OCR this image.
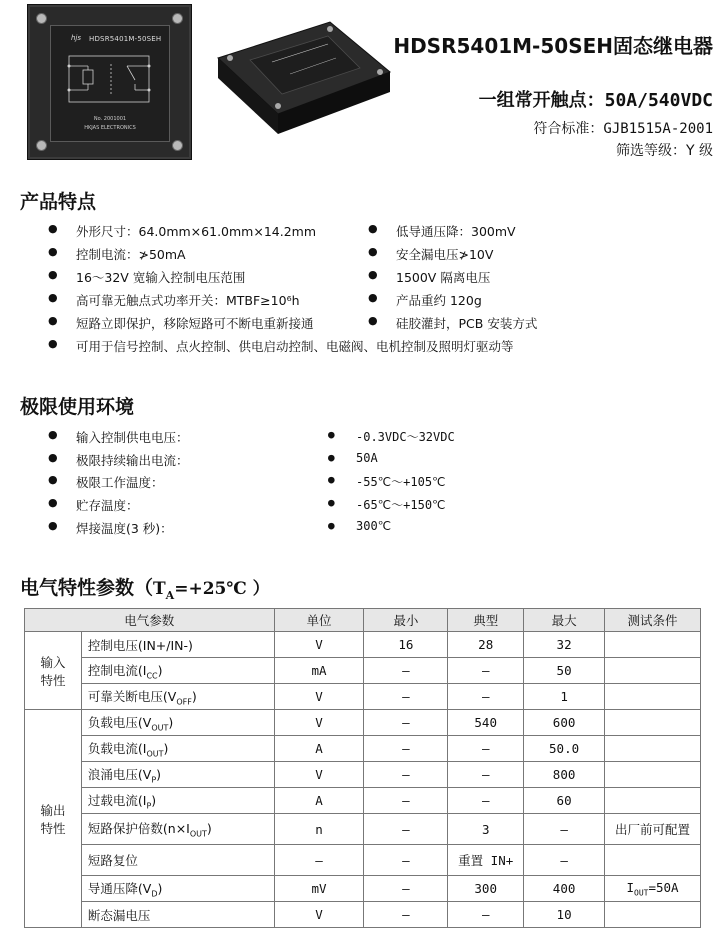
hjs HDSR5401M-50SEH
No. 2001001
HKJAS ELECTRONICS
HDSR5401M-50SEH固态继电器
一组常开触点：50A/540VDC
符合标准：GJB1515A-2001
筛选等级：Y 级
产品特点
● 外形尺寸：64.0mm×61.0mm×14.2mm	● 低导通压降：300mV
● 控制电流：≯50mA	● 安全漏电压≯10V
● 16～32V 宽输入控制电压范围	● 1500V 隔离电压
● 高可靠无触点式功率开关：MTBF≥10⁶h	● 产品重约 120g
● 短路立即保护，移除短路可不断电重新接通	● 硅胶灌封，PCB 安装方式
● 可用于信号控制、点火控制、供电启动控制、电磁阀、电机控制及照明灯驱动等
极限使用环境
● 输入控制供电电压：	● -0.3VDC～32VDC
● 极限持续输出电流：	● 50A
● 极限工作温度：	● -55℃～+105℃
● 贮存温度：	● -65℃～+150℃
● 焊接温度(3 秒)：	● 300℃
电气特性参数（$T_A=+25℃$ ）
电气参数		单位	最小	典型	最大	测试条件

输入
特性	控制电压(IN+/IN-)	V	16	28	32	
	控制电流$(I_{CC})$	mA	—	—	50	
	可靠关断电压$(V_{OFF})$	V	—	—	1	

输出
特性	负载电压$(V_{OUT})$	V	—	540	600	
	负载电流$(I_{OUT})$	A	—	—	50.0	
	浪涌电压$(V_P)$	V	—	—	800	
	过载电流$(I_P)$	A	—	—	60	
	短路保护倍数$(n\times I_{OUT})$	n	—	3	—	出厂前可配置
	短路复位	—	—	重置 IN+	—	
	导通压降$(V_D)$	mV	—	300	400	$I_{OUT}=50A$
	断态漏电压	V	—	—	10	
